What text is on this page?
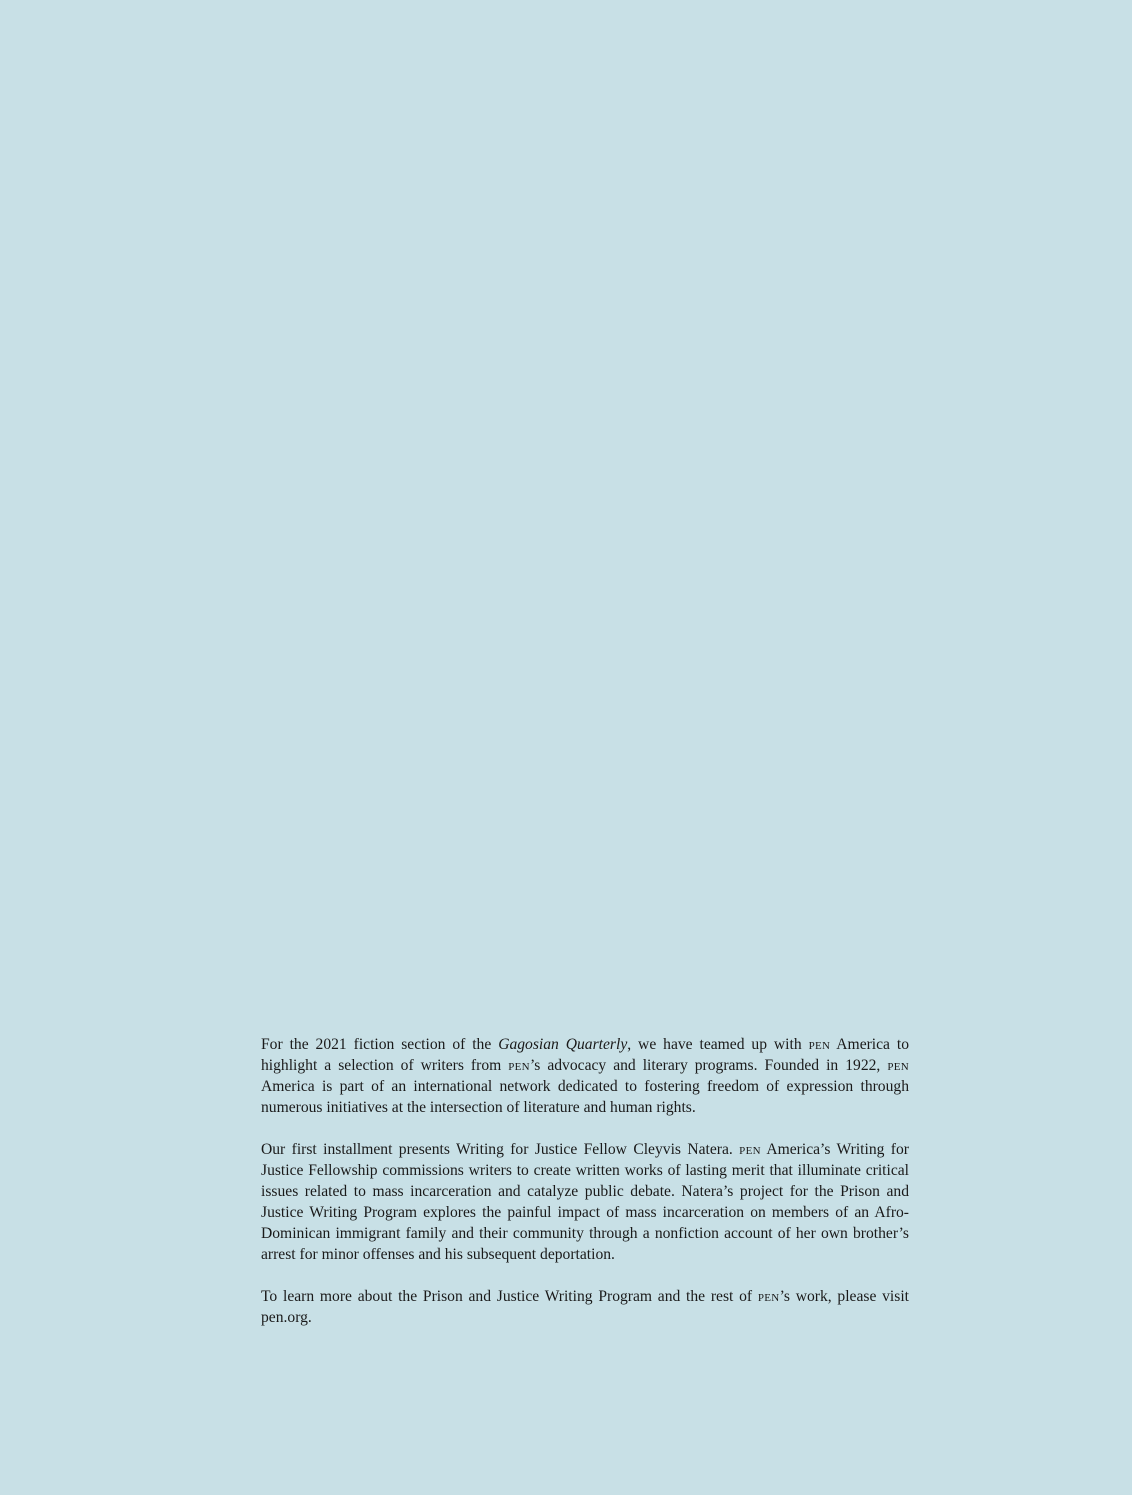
For the 2021 fiction section of the Gagosian Quarterly, we have teamed up with pen America to highlight a selection of writers from pen’s advocacy and literary programs. Founded in 1922, pen America is part of an international network dedicated to fostering freedom of expression through numerous initiatives at the intersection of literature and human rights.

Our first installment presents Writing for Justice Fellow Cleyvis Natera. pen America’s Writing for Justice Fellowship commissions writers to create written works of lasting merit that illuminate critical issues related to mass incarceration and catalyze public debate. Natera’s project for the Prison and Justice Writing Program explores the painful impact of mass incarceration on members of an Afro-Dominican immigrant family and their community through a nonfiction account of her own brother’s arrest for minor offenses and his subsequent deportation.

To learn more about the Prison and Justice Writing Program and the rest of pen’s work, please visit pen.org.
